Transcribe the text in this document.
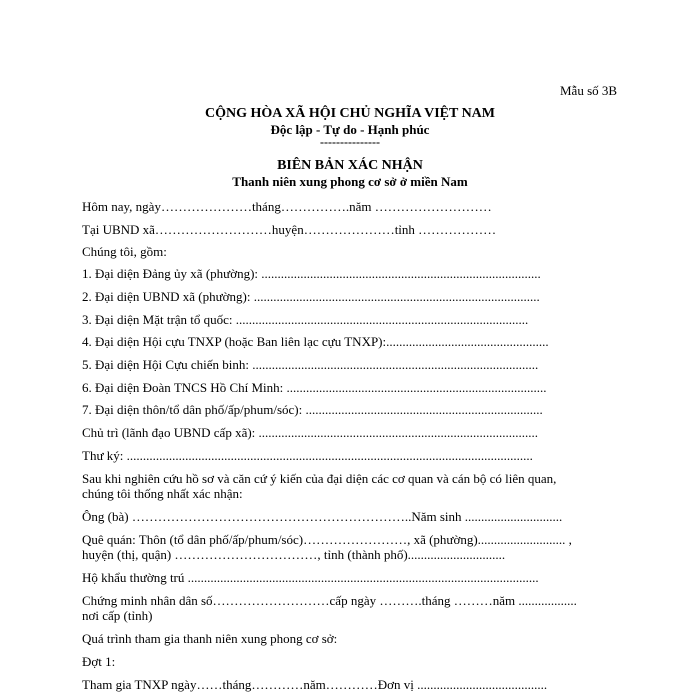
Mẫu số 3B
CỘNG HÒA XÃ HỘI CHỦ NGHĨA VIỆT NAM
Độc lập - Tự do - Hạnh phúc
---------------
BIÊN BẢN XÁC NHẬN
Thanh niên xung phong cơ sở ở miền Nam
Hôm nay, ngày…………………tháng…………….năm ………………………
Tại UBND xã………………………huyện…………………tỉnh ………………
Chúng tôi, gồm:
1. Đại diện Đảng ủy xã (phường): ......................................................................................
2. Đại diện UBND xã (phường): ........................................................................................
3. Đại diện Mặt trận tổ quốc: ..........................................................................................
4. Đại diện Hội cựu TNXP (hoặc Ban liên lạc cựu TNXP):..................................................
5. Đại diện Hội Cựu chiến binh: ........................................................................................
6. Đại diện Đoàn TNCS Hồ Chí Minh: ................................................................................
7. Đại diện thôn/tổ dân phố/ấp/phum/sóc): .........................................................................
Chủ trì (lãnh đạo UBND cấp xã): ......................................................................................
Thư ký: .............................................................................................................................
Sau khi nghiên cứu hồ sơ và căn cứ ý kiến của đại diện các cơ quan và cán bộ có liên quan,
chúng tôi thống nhất xác nhận:
Ông (bà) ………………………………………………………..Năm sinh ..............................
Quê quán: Thôn (tổ dân phố/ấp/phum/sóc)……………………, xã (phường)........................... ,
huyện (thị, quận) ……………………………, tỉnh (thành phố)..............................
Hộ khẩu thường trú ............................................................................................................
Chứng minh nhân dân số………………………cấp ngày ……….tháng ………năm ..................
nơi cấp (tỉnh)
Quá trình tham gia thanh niên xung phong cơ sở:
Đợt 1:
Tham gia TNXP ngày……tháng…………năm…………Đơn vị ........................................
